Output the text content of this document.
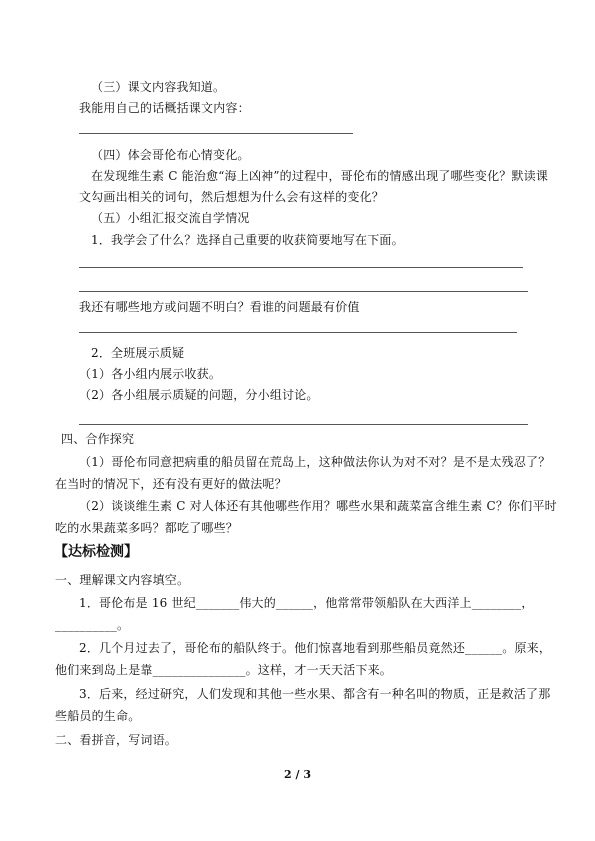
（三）课文内容我知道。
我能用自己的话概括课文内容：
（四）体会哥伦布心情变化。
在发现维生素 C 能治愈“海上凶神”的过程中，哥伦布的情感出现了哪些变化？默读课
文勾画出相关的词句，然后想想为什么会有这样的变化？
（五）小组汇报交流自学情况
1．我学会了什么？选择自己重要的收获简要地写在下面。
我还有哪些地方或问题不明白？看谁的问题最有价值
2．全班展示质疑
（1）各小组内展示收获。
（2）各小组展示质疑的问题，分小组讨论。
四、合作探究
（1）哥伦布同意把病重的船员留在荒岛上，这种做法你认为对不对？是不是太残忍了？
在当时的情况下，还有没有更好的做法呢？
（2）谈谈维生素 C 对人体还有其他哪些作用？哪些水果和蔬菜富含维生素 C？你们平时
吃的水果蔬菜多吗？都吃了哪些？
【达标检测】
一、理解课文内容填空。
1．哥伦布是 16 世纪_______伟大的______，他常常带领船队在大西洋上________，
__________。
2．几个月过去了，哥伦布的船队终于。他们惊喜地看到那些船员竟然还______。原来，
他们来到岛上是靠_______________。这样，才一天天活下来。
3．后来，经过研究，人们发现和其他一些水果、都含有一种名叫的物质，正是救活了那
些船员的生命。
二、看拼音，写词语。
2 / 3
